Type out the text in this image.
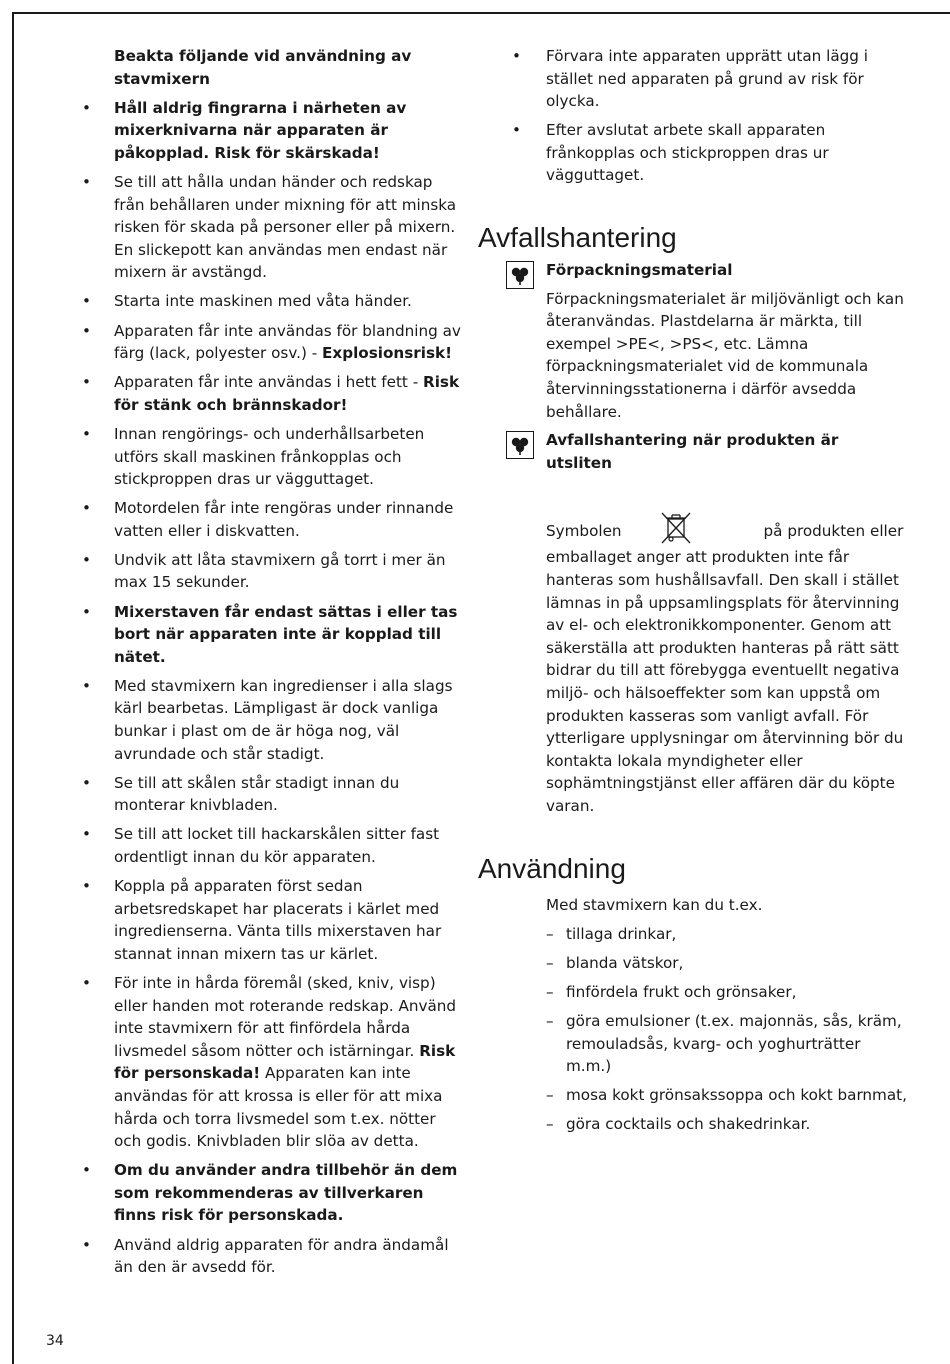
Beakta följande vid användning av stavmixern
•	Håll aldrig fingrarna i närheten av mixerknivarna när apparaten är påkopplad. Risk för skärskada!
•	Se till att hålla undan händer och redskap från behållaren under mixning för att minska risken för skada på personer eller på mixern. En slickepott kan användas men endast när mixern är avstängd.
•	Starta inte maskinen med våta händer.
•	Apparaten får inte användas för blandning av färg (lack, polyester osv.) - Explosionsrisk!
•	Apparaten får inte användas i hett fett - Risk för stänk och brännskador!
•	Innan rengörings- och underhållsarbeten utförs skall maskinen frånkopplas och stickproppen dras ur vägguttaget.
•	Motordelen får inte rengöras under rinnande vatten eller i diskvatten.
•	Undvik att låta stavmixern gå torrt i mer än max 15 sekunder.
•	Mixerstaven får endast sättas i eller tas bort när apparaten inte är kopplad till nätet.
•	Med stavmixern kan ingredienser i alla slags kärl bearbetas. Lämpligast är dock vanliga bunkar i plast om de är höga nog, väl avrundade och står stadigt.
•	Se till att skålen står stadigt innan du monterar knivbladen.
•	Se till att locket till hackarskålen sitter fast ordentligt innan du kör apparaten.
•	Koppla på apparaten först sedan arbetsredskapet har placerats i kärlet med ingredienserna. Vänta tills mixerstaven har stannat innan mixern tas ur kärlet.
•	För inte in hårda föremål (sked, kniv, visp) eller handen mot roterande redskap. Använd inte stavmixern för att finfördela hårda livsmedel såsom nötter och istärningar. Risk för personskada! Apparaten kan inte användas för att krossa is eller för att mixa hårda och torra livsmedel som t.ex. nötter och godis. Knivbladen blir slöa av detta.
•	Om du använder andra tillbehör än dem som rekommenderas av tillverkaren finns risk för personskada.
•	Använd aldrig apparaten för andra ändamål än den är avsedd för.
•	Förvara inte apparaten upprätt utan lägg i stället ned apparaten på grund av risk för olycka.
•	Efter avslutat arbete skall apparaten frånkopplas och stickproppen dras ur vägguttaget.
Avfallshantering
Förpackningsmaterial
Förpackningsmaterialet är miljövänligt och kan återanvändas. Plastdelarna är märkta, till exempel >PE<, >PS<, etc. Lämna förpackningsmaterialet vid de kommunala återvinningsstationerna i därför avsedda behållare.
Avfallshantering när produkten är utsliten
Symbolen	på produkten eller
emballaget anger att produkten inte får hanteras som hushållsavfall. Den skall i stället lämnas in på uppsamlingsplats för återvinning av el- och elektronikkomponenter. Genom att säkerställa att produkten hanteras på rätt sätt bidrar du till att förebygga eventuellt negativa miljö- och hälsoeffekter som kan uppstå om produkten kasseras som vanligt avfall. För ytterligare upplysningar om återvinning bör du kontakta lokala myndigheter eller sophämtningstjänst eller affären där du köpte varan.
Användning
Med stavmixern kan du t.ex.
– tillaga drinkar,
– blanda vätskor,
– finfördela frukt och grönsaker,
– göra emulsioner (t.ex. majonnäs, sås, kräm, remouladsås, kvarg- och yoghurträtter m.m.)
– mosa kokt grönsakssoppa och kokt barnmat,
– göra cocktails och shakedrinkar.
34
